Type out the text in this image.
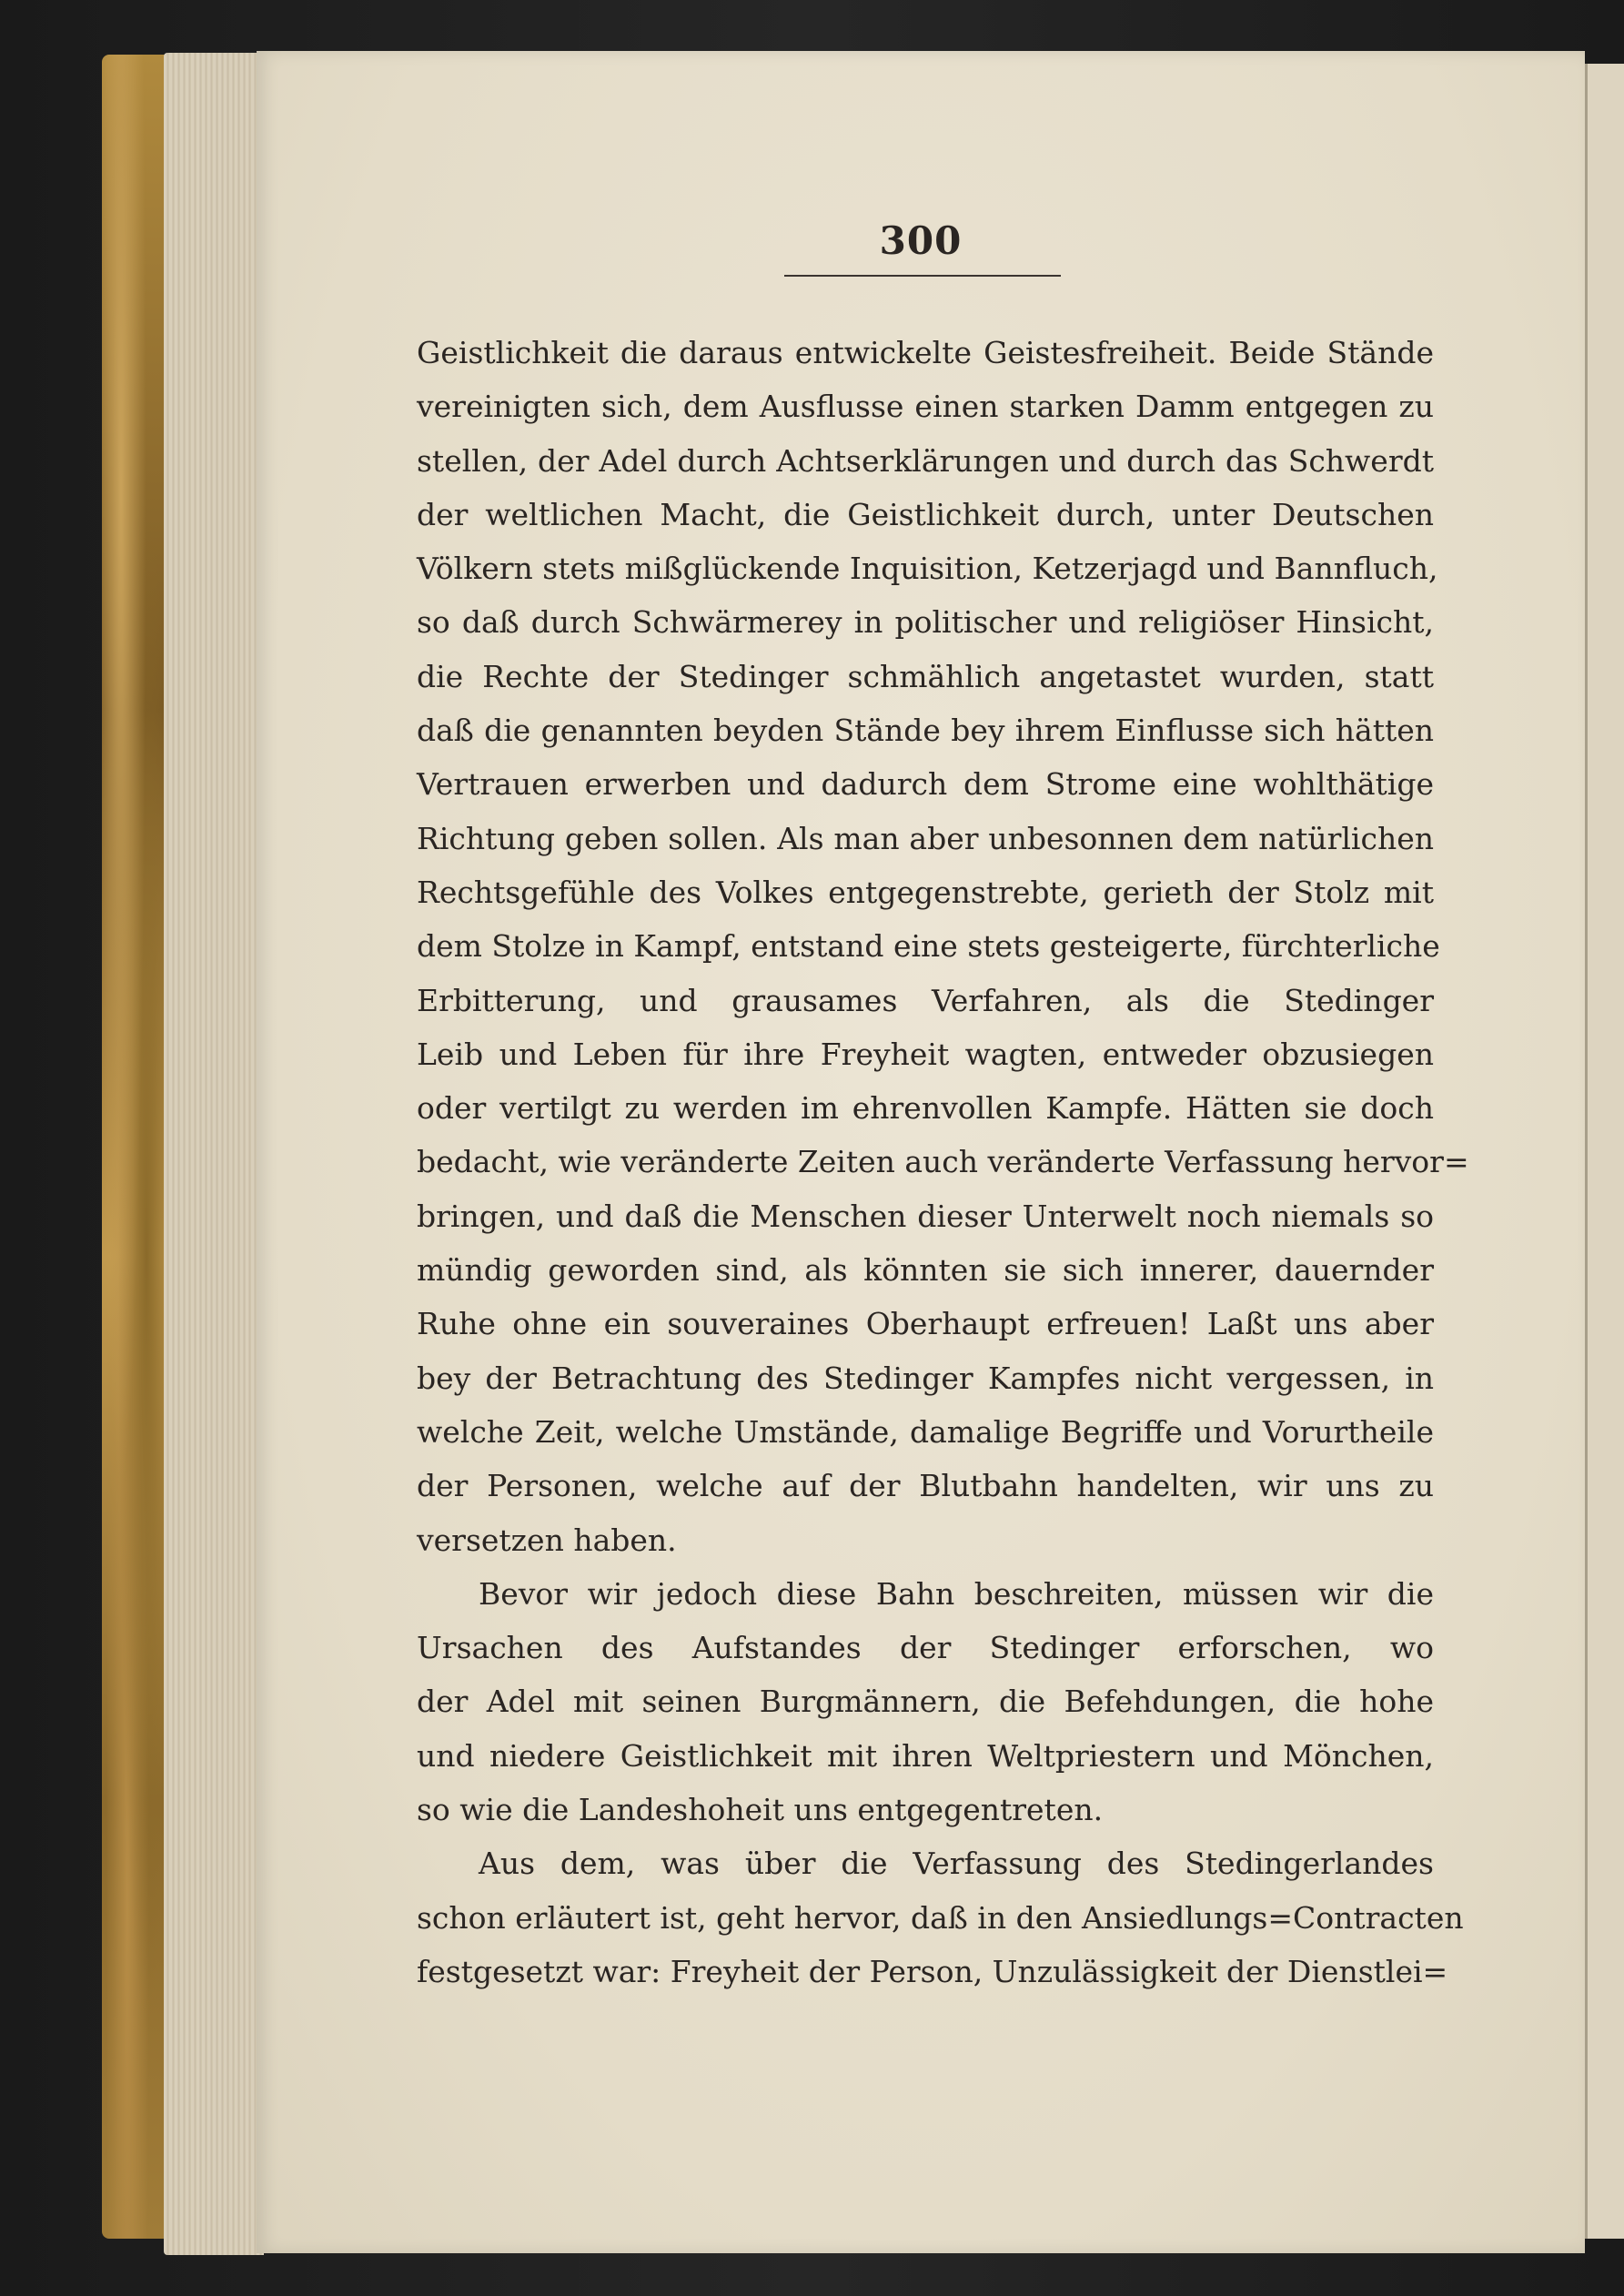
300
Geistlichkeit die daraus entwickelte Geistesfreiheit. Beide Stände
vereinigten sich, dem Ausflusse einen starken Damm entgegen zu
stellen, der Adel durch Achtserklärungen und durch das Schwerdt
der weltlichen Macht, die Geistlichkeit durch, unter Deutschen
Völkern stets mißglückende Inquisition, Ketzerjagd und Bannfluch,
so daß durch Schwärmerey in politischer und religiöser Hinsicht,
die Rechte der Stedinger schmählich angetastet wurden, statt
daß die genannten beyden Stände bey ihrem Einflusse sich hätten
Vertrauen erwerben und dadurch dem Strome eine wohlthätige
Richtung geben sollen. Als man aber unbesonnen dem natürlichen
Rechtsgefühle des Volkes entgegenstrebte, gerieth der Stolz mit
dem Stolze in Kampf, entstand eine stets gesteigerte, fürchterliche
Erbitterung, und grausames Verfahren, als die Stedinger
Leib und Leben für ihre Freyheit wagten, entweder obzusiegen
oder vertilgt zu werden im ehrenvollen Kampfe. Hätten sie doch
bedacht, wie veränderte Zeiten auch veränderte Verfassung hervor=
bringen, und daß die Menschen dieser Unterwelt noch niemals so
mündig geworden sind, als könnten sie sich innerer, dauernder
Ruhe ohne ein souveraines Oberhaupt erfreuen! Laßt uns aber
bey der Betrachtung des Stedinger Kampfes nicht vergessen, in
welche Zeit, welche Umstände, damalige Begriffe und Vorurtheile
der Personen, welche auf der Blutbahn handelten, wir uns zu
versetzen haben.
Bevor wir jedoch diese Bahn beschreiten, müssen wir die
Ursachen des Aufstandes der Stedinger erforschen, wo
der Adel mit seinen Burgmännern, die Befehdungen, die hohe
und niedere Geistlichkeit mit ihren Weltpriestern und Mönchen,
so wie die Landeshoheit uns entgegentreten.
Aus dem, was über die Verfassung des Stedingerlandes
schon erläutert ist, geht hervor, daß in den Ansiedlungs=Contracten
festgesetzt war: Freyheit der Person, Unzulässigkeit der Dienstlei=
